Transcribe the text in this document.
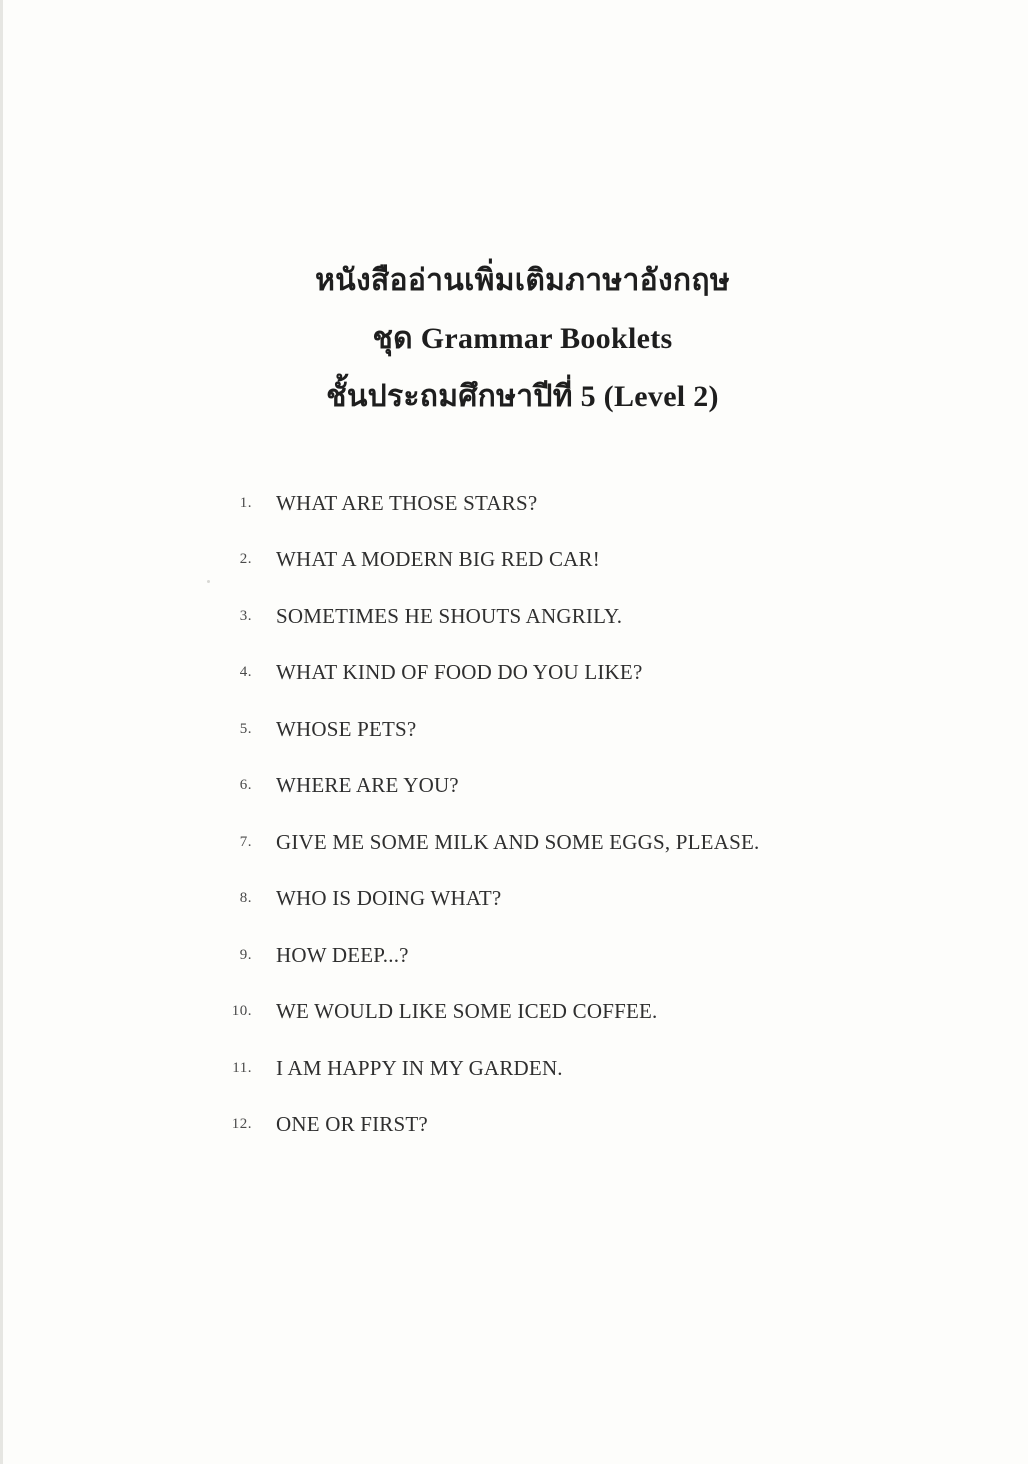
หนังสืออ่านเพิ่มเติมภาษาอังกฤษ
ชุด Grammar Booklets
ชั้นประถมศึกษาปีที่ 5 (Level 2)
1. WHAT ARE THOSE STARS?
2. WHAT A MODERN BIG RED CAR!
3. SOMETIMES HE SHOUTS ANGRILY.
4. WHAT KIND OF FOOD DO YOU LIKE?
5. WHOSE PETS?
6. WHERE ARE YOU?
7. GIVE ME SOME MILK AND SOME EGGS, PLEASE.
8. WHO IS DOING WHAT?
9. HOW DEEP...?
10. WE WOULD LIKE SOME ICED COFFEE.
11. I AM HAPPY IN MY GARDEN.
12. ONE OR FIRST?
